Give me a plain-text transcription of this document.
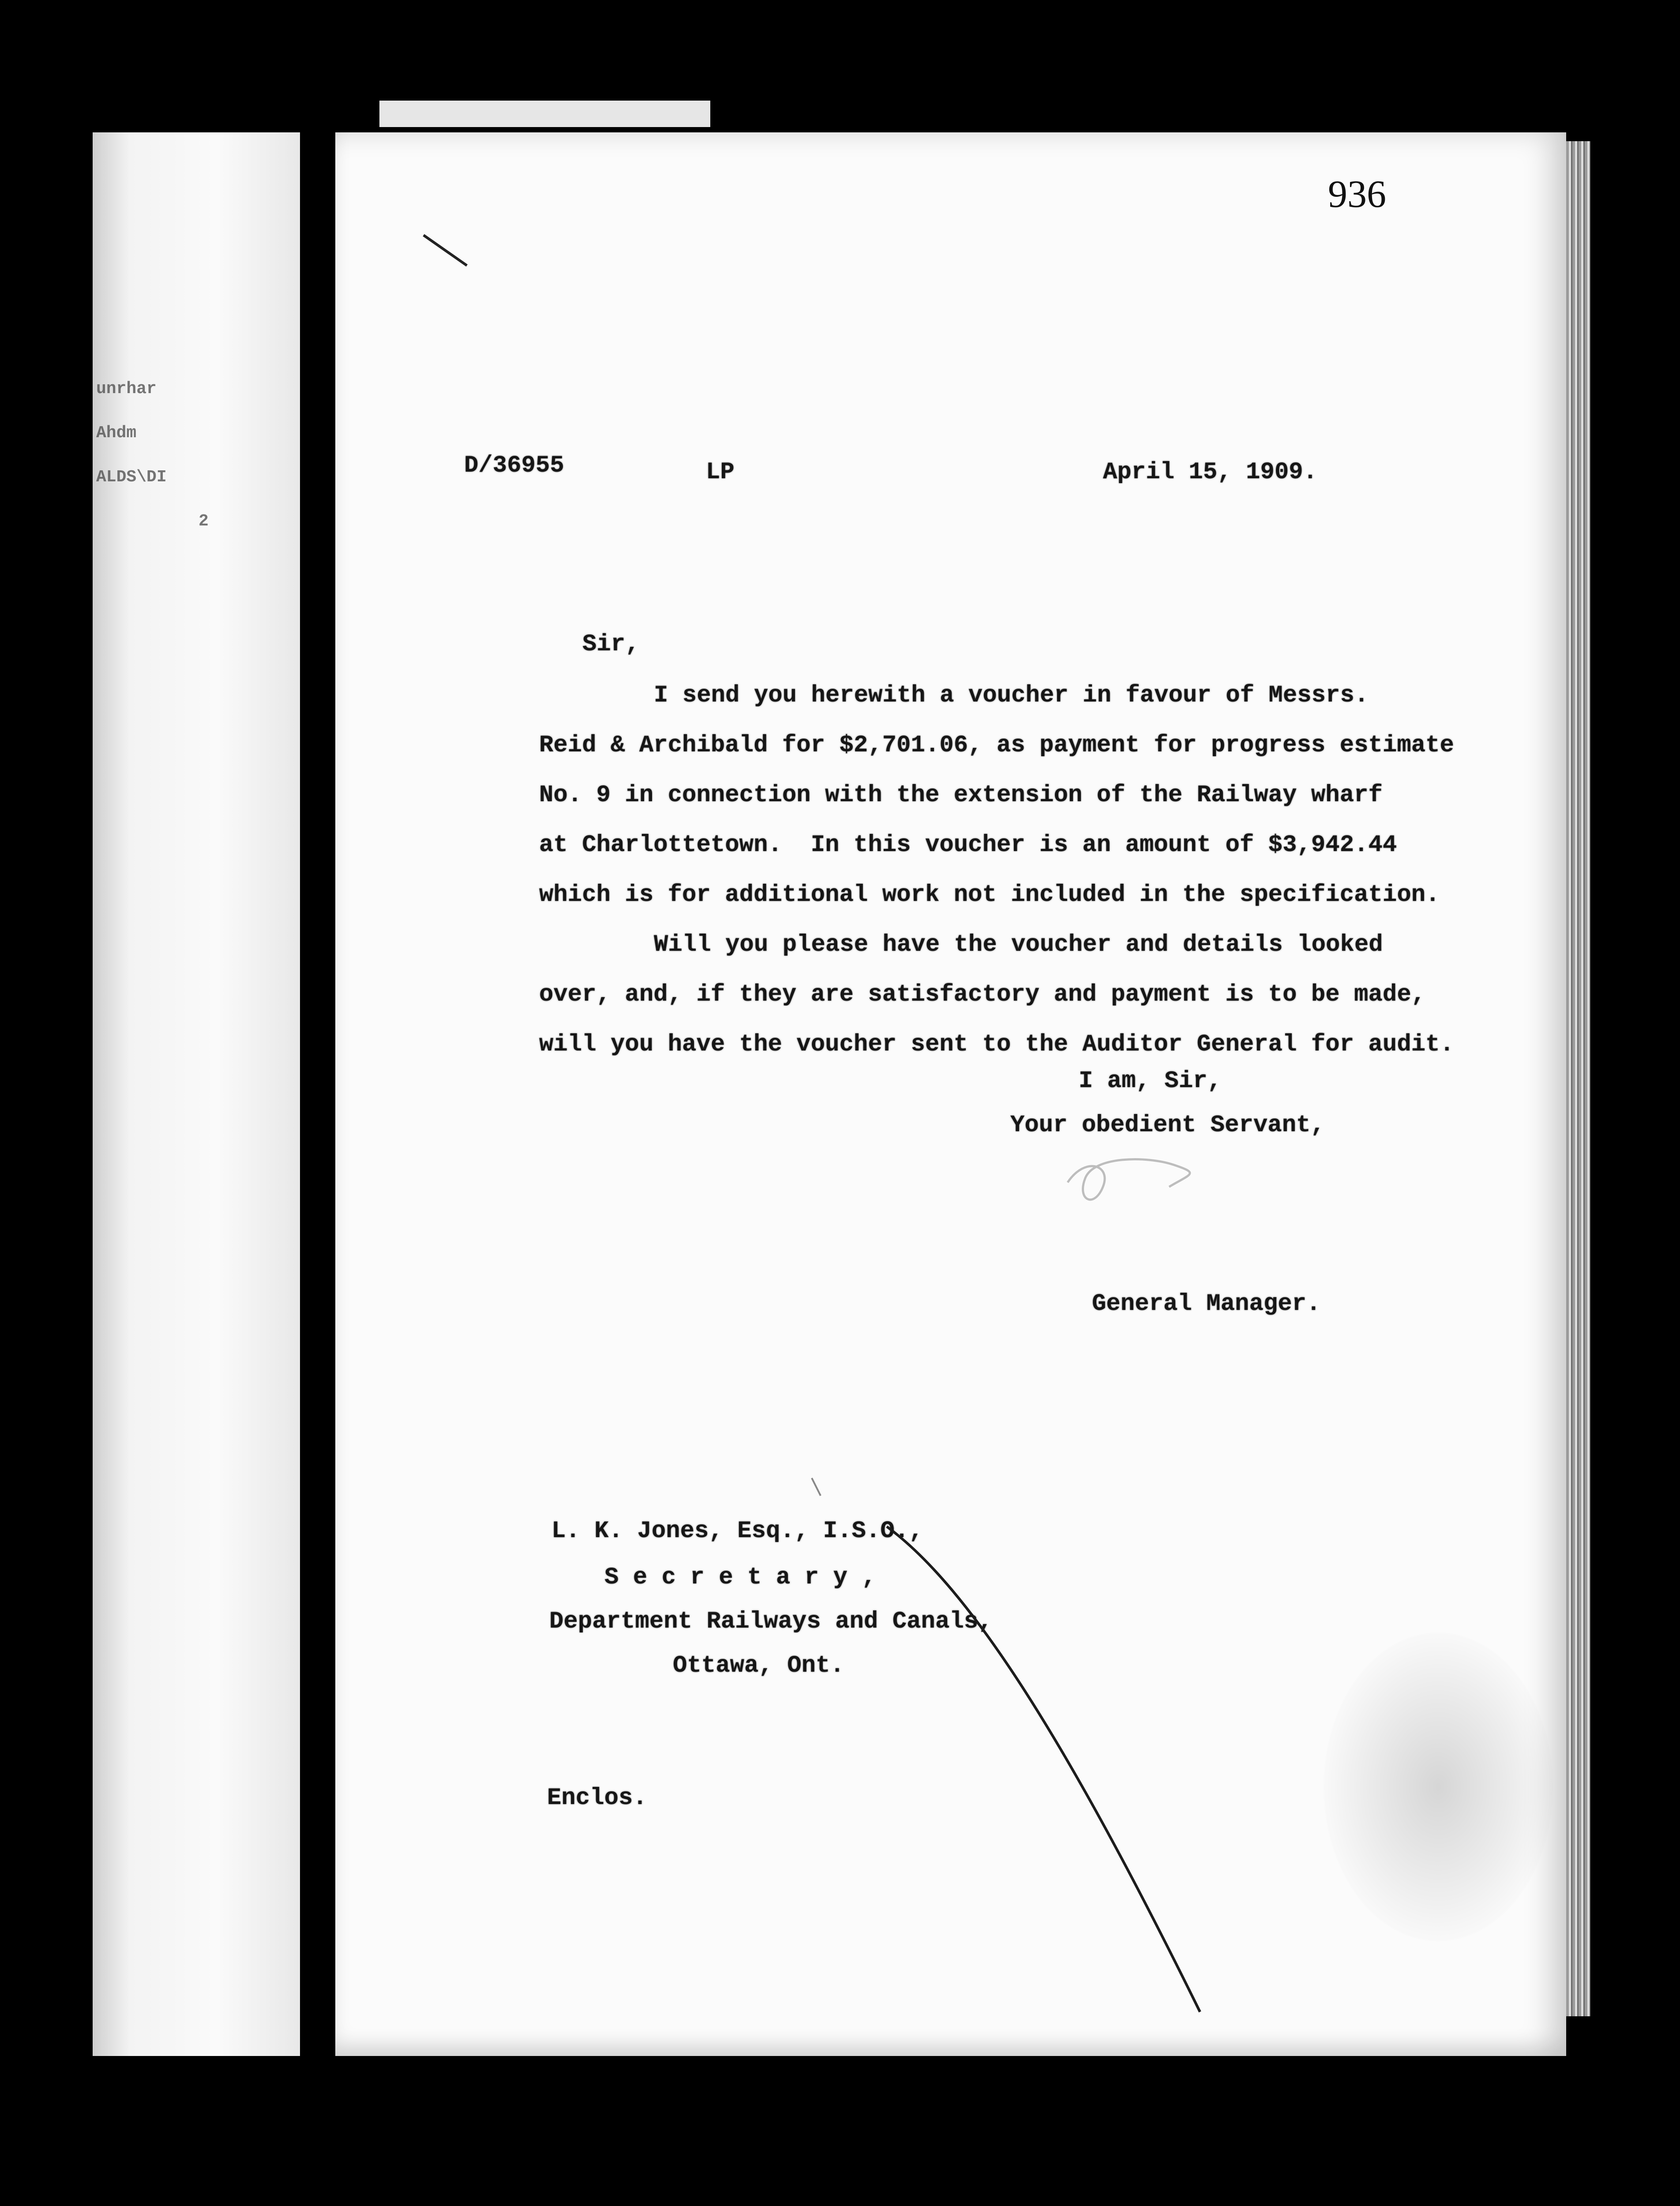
unrhar
Ahdm
ALDS\DI
2
936
D/36955	LP	April 15, 1909.
Sir,
I send you herewith a voucher in favour of Messrs.
Reid & Archibald for $2,701.06, as payment for progress estimate
No. 9 in connection with the extension of the Railway wharf
at Charlottetown.  In this voucher is an amount of $3,942.44
which is for additional work not included in the specification.
Will you please have the voucher and details looked
over, and, if they are satisfactory and payment is to be made,
will you have the voucher sent to the Auditor General for audit.
I am, Sir,
Your obedient Servant,
General Manager.
L. K. Jones, Esq., I.S.O.,
S e c r e t a r y ,
Department Railways and Canals,
Ottawa, Ont.
Enclos.
